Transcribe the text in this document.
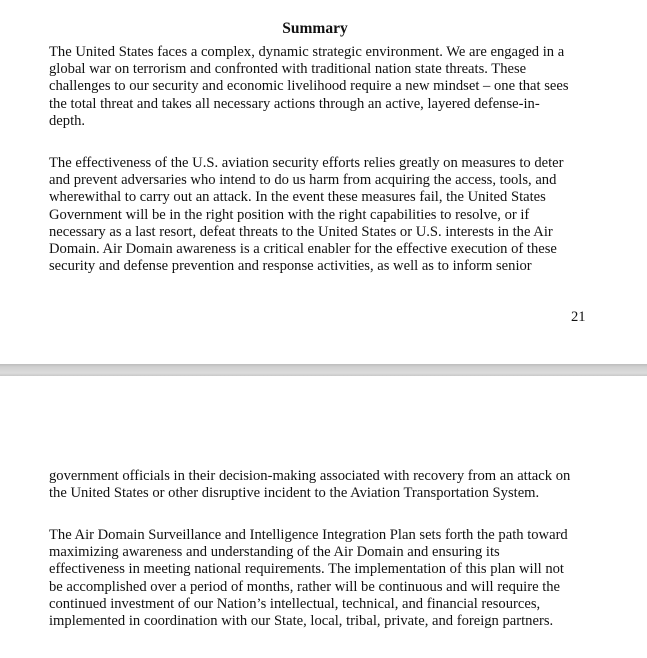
Summary

The United States faces a complex, dynamic strategic environment. We are engaged in a
global war on terrorism and confronted with traditional nation state threats. These
challenges to our security and economic livelihood require a new mindset – one that sees
the total threat and takes all necessary actions through an active, layered defense-in-
depth.

The effectiveness of the U.S. aviation security efforts relies greatly on measures to deter
and prevent adversaries who intend to do us harm from acquiring the access, tools, and
wherewithal to carry out an attack. In the event these measures fail, the United States
Government will be in the right position with the right capabilities to resolve, or if
necessary as a last resort, defeat threats to the United States or U.S. interests in the Air
Domain. Air Domain awareness is a critical enabler for the effective execution of these
security and defense prevention and response activities, as well as to inform senior

21

government officials in their decision-making associated with recovery from an attack on
the United States or other disruptive incident to the Aviation Transportation System.

The Air Domain Surveillance and Intelligence Integration Plan sets forth the path toward
maximizing awareness and understanding of the Air Domain and ensuring its
effectiveness in meeting national requirements. The implementation of this plan will not
be accomplished over a period of months, rather will be continuous and will require the
continued investment of our Nation’s intellectual, technical, and financial resources,
implemented in coordination with our State, local, tribal, private, and foreign partners.
